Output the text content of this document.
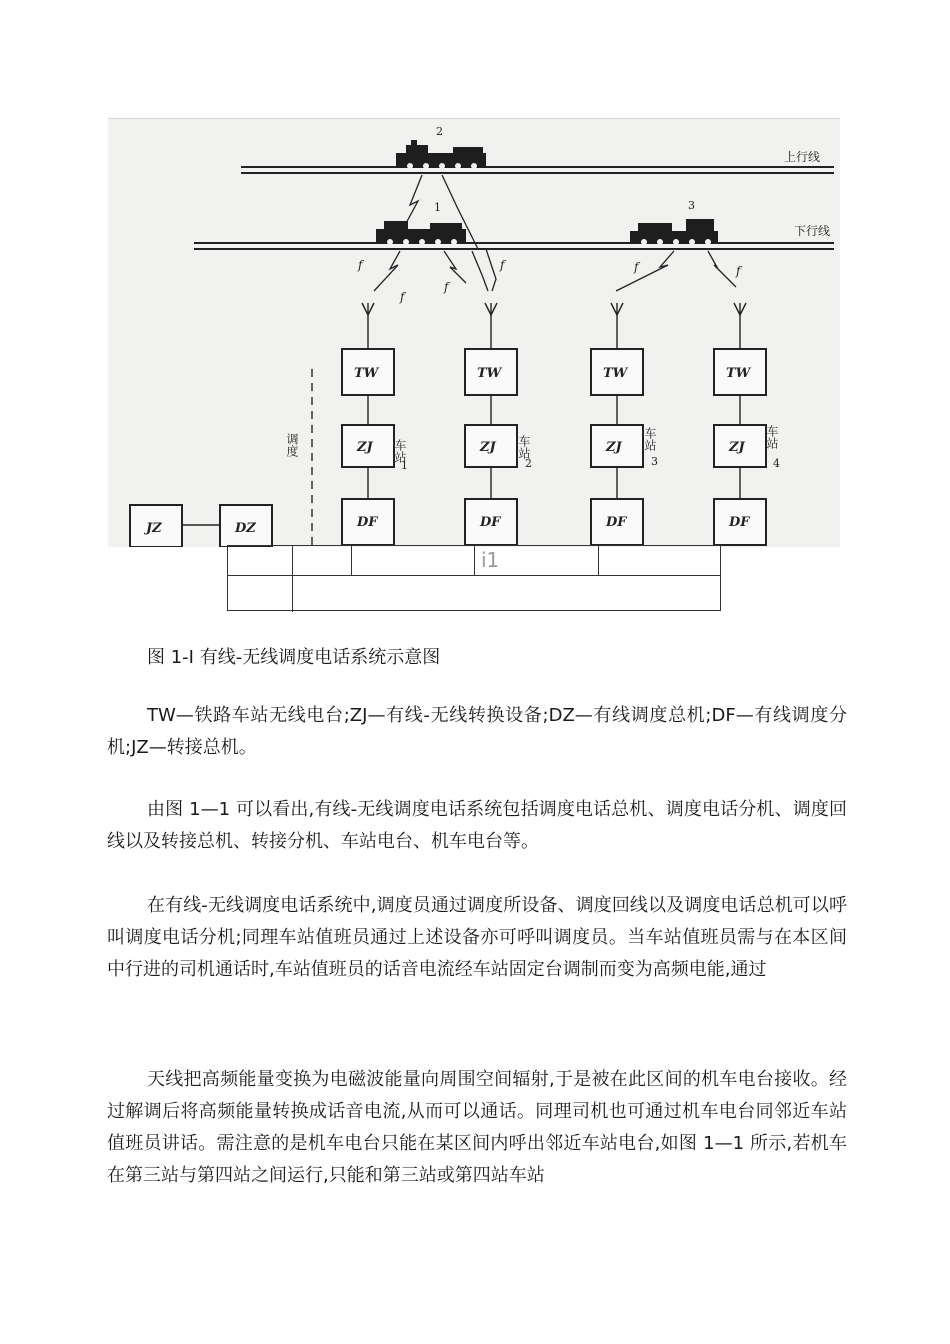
上行线
下行线
2
1	3
f
f
f
f	f	f
TW
ZJ
DF
车站
1
TW
ZJ
DF
车站
2
TW
ZJ
DF
车站
3
TW
ZJ
DF
车站
4
调度
JZ	DZ
i1
图 1-I 有线-无线调度电话系统示意图

TW—铁路车站无线电台;ZJ—有线-无线转换设备;DZ—有线调度总机;DF—有线调度分机;JZ—转接总机。

由图 1—1 可以看出,有线-无线调度电话系统包括调度电话总机、调度电话分机、调度回线以及转接总机、转接分机、车站电台、机车电台等。

在有线-无线调度电话系统中,调度员通过调度所设备、调度回线以及调度电话总机可以呼叫调度电话分机;同理车站值班员通过上述设备亦可呼叫调度员。当车站值班员需与在本区间中行进的司机通话时,车站值班员的话音电流经车站固定台调制而变为高频电能,通过

天线把高频能量变换为电磁波能量向周围空间辐射,于是被在此区间的机车电台接收。经过解调后将高频能量转换成话音电流,从而可以通话。同理司机也可通过机车电台同邻近车站值班员讲话。需注意的是机车电台只能在某区间内呼出邻近车站电台,如图 1—1 所示,若机车在第三站与第四站之间运行,只能和第三站或第四站车站
